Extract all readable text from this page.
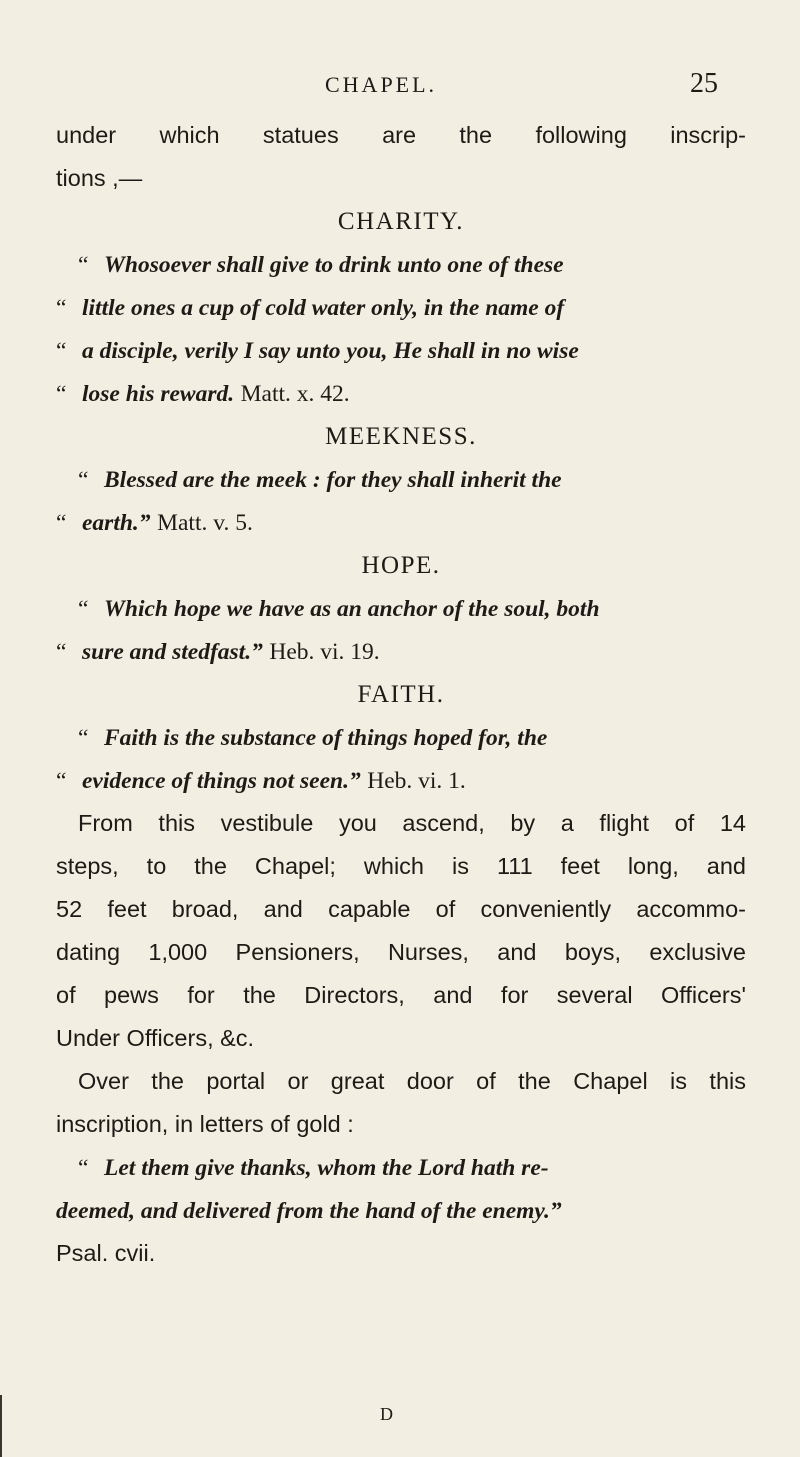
CHAPEL.	25
under which statues are the following inscrip-
tions ,—
CHARITY.
“ Whosoever shall give to drink unto one of these
“ little ones a cup of cold water only, in the name of
“ a disciple, verily I say unto you, He shall in no wise
“ lose his reward. Matt. x. 42.
MEEKNESS.
“ Blessed are the meek : for they shall inherit the
“ earth.” Matt. v. 5.
HOPE.
“ Which hope we have as an anchor of the soul, both
“ sure and stedfast.” Heb. vi. 19.
FAITH.
“ Faith is the substance of things hoped for, the
“ evidence of things not seen.” Heb. vi. 1.
From this vestibule you ascend, by a flight of 14
steps, to the Chapel; which is 111 feet long, and
52 feet broad, and capable of conveniently accommo-
dating 1,000 Pensioners, Nurses, and boys, exclusive
of pews for the Directors, and for several Officers'
Under Officers, &c.
Over the portal or great door of the Chapel is this
inscription, in letters of gold :
“ Let them give thanks, whom the Lord hath re-
deemed, and delivered from the hand of the enemy.”
Psal. cvii.
D
